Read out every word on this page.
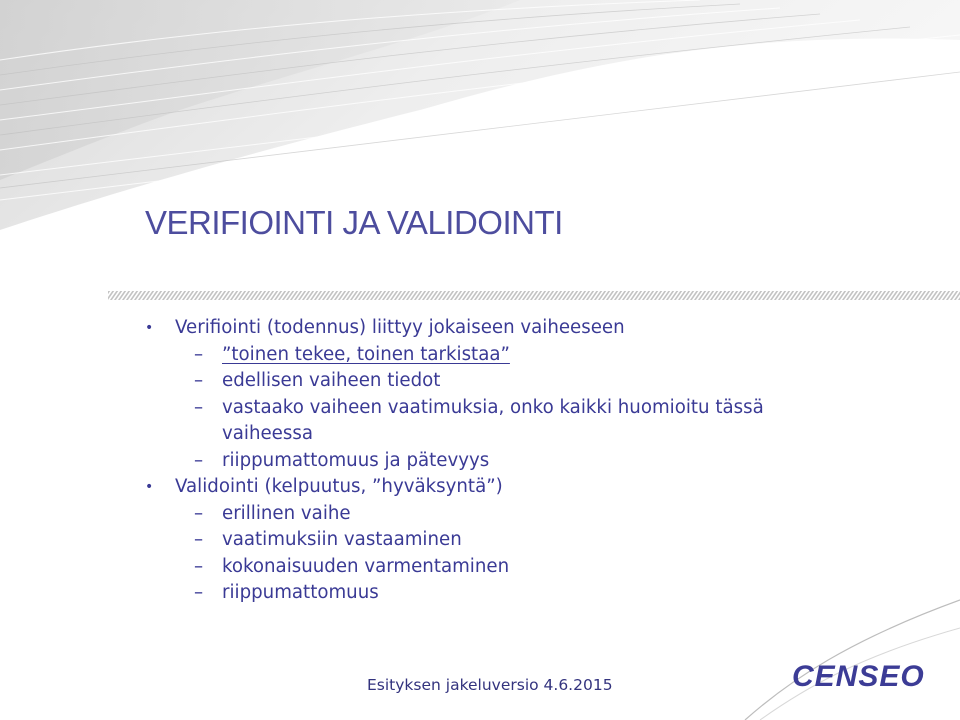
VERIFIOINTI JA VALIDOINTI
• Verifiointi (todennus) liittyy jokaiseen vaiheeseen
– ”toinen tekee, toinen tarkistaa”
– edellisen vaiheen tiedot
– vastaako vaiheen vaatimuksia, onko kaikki huomioitu tässä vaiheessa
– riippumattomuus ja pätevyys
• Validointi (kelpuutus, ”hyväksyntä”)
– erillinen vaihe
– vaatimuksiin vastaaminen
– kokonaisuuden varmentaminen
– riippumattomuus
Esityksen jakeluversio 4.6.2015	CENSEO
